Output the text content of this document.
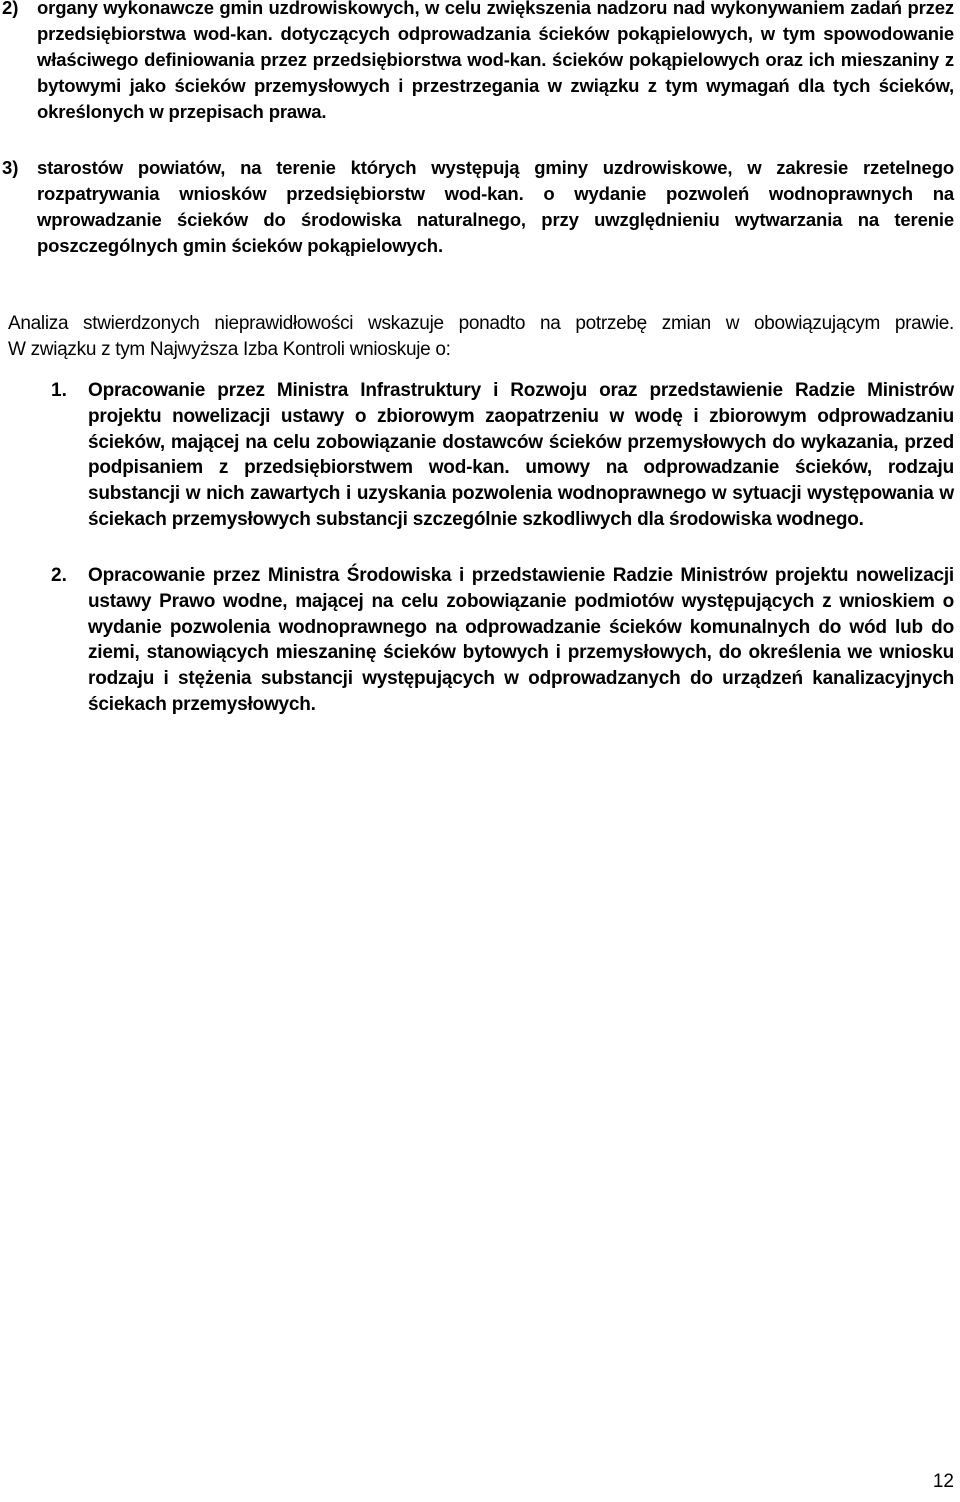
2) organy wykonawcze gmin uzdrowiskowych, w celu zwiększenia nadzoru nad wykonywaniem zadań przez przedsiębiorstwa wod-kan. dotyczących odprowadzania ścieków pokąpielowych, w tym spowodowanie właściwego definiowania przez przedsiębiorstwa wod-kan. ścieków pokąpielowych oraz ich mieszaniny z bytowymi jako ścieków przemysłowych i przestrzegania w związku z tym wymagań dla tych ścieków, określonych w przepisach prawa.
3) starostów powiatów, na terenie których występują gminy uzdrowiskowe, w zakresie rzetelnego rozpatrywania wniosków przedsiębiorstw wod-kan. o wydanie pozwoleń wodnoprawnych na wprowadzanie ścieków do środowiska naturalnego, przy uwzględnieniu wytwarzania na terenie poszczególnych gmin ścieków pokąpielowych.
Analiza stwierdzonych nieprawidłowości wskazuje ponadto na potrzebę zmian w obowiązującym prawie.
W związku z tym Najwyższa Izba Kontroli wnioskuje o:
1. Opracowanie przez Ministra Infrastruktury i Rozwoju oraz przedstawienie Radzie Ministrów projektu nowelizacji ustawy o zbiorowym zaopatrzeniu w wodę i zbiorowym odprowadzaniu ścieków, mającej na celu zobowiązanie dostawców ścieków przemysłowych do wykazania, przed podpisaniem z przedsiębiorstwem wod-kan. umowy na odprowadzanie ścieków, rodzaju substancji w nich zawartych i uzyskania pozwolenia wodnoprawnego w sytuacji występowania w ściekach przemysłowych substancji szczególnie szkodliwych dla środowiska wodnego.
2. Opracowanie przez Ministra Środowiska i przedstawienie Radzie Ministrów projektu nowelizacji ustawy Prawo wodne, mającej na celu zobowiązanie podmiotów występujących z wnioskiem o wydanie pozwolenia wodnoprawnego na odprowadzanie ścieków komunalnych do wód lub do ziemi, stanowiących mieszaninę ścieków bytowych i przemysłowych, do określenia we wniosku rodzaju i stężenia substancji występujących w odprowadzanych do urządzeń kanalizacyjnych ściekach przemysłowych.
12
